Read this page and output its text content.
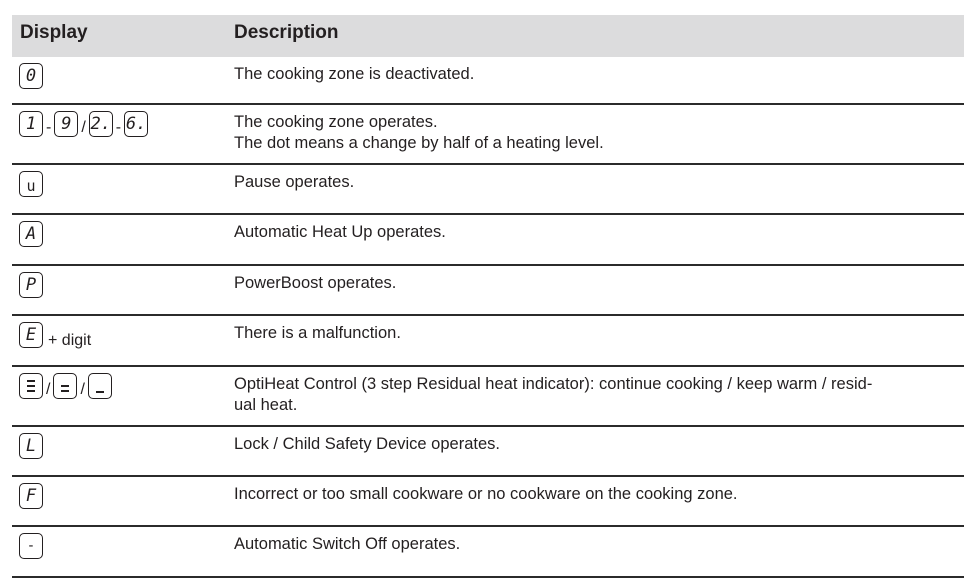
Display	Description
0	The cooking zone is deactivated.
1 - 9 / 2. - 6.	The cooking zone operates.
The dot means a change by half of a heating level.
u	Pause operates.
A	Automatic Heat Up operates.
P	PowerBoost operates.
E + digit	There is a malfunction.
/ /	OptiHeat Control (3 step Residual heat indicator): continue cooking / keep warm / resid-
ual heat.
L	Lock / Child Safety Device operates.
F	Incorrect or too small cookware or no cookware on the cooking zone.
-	Automatic Switch Off operates.
